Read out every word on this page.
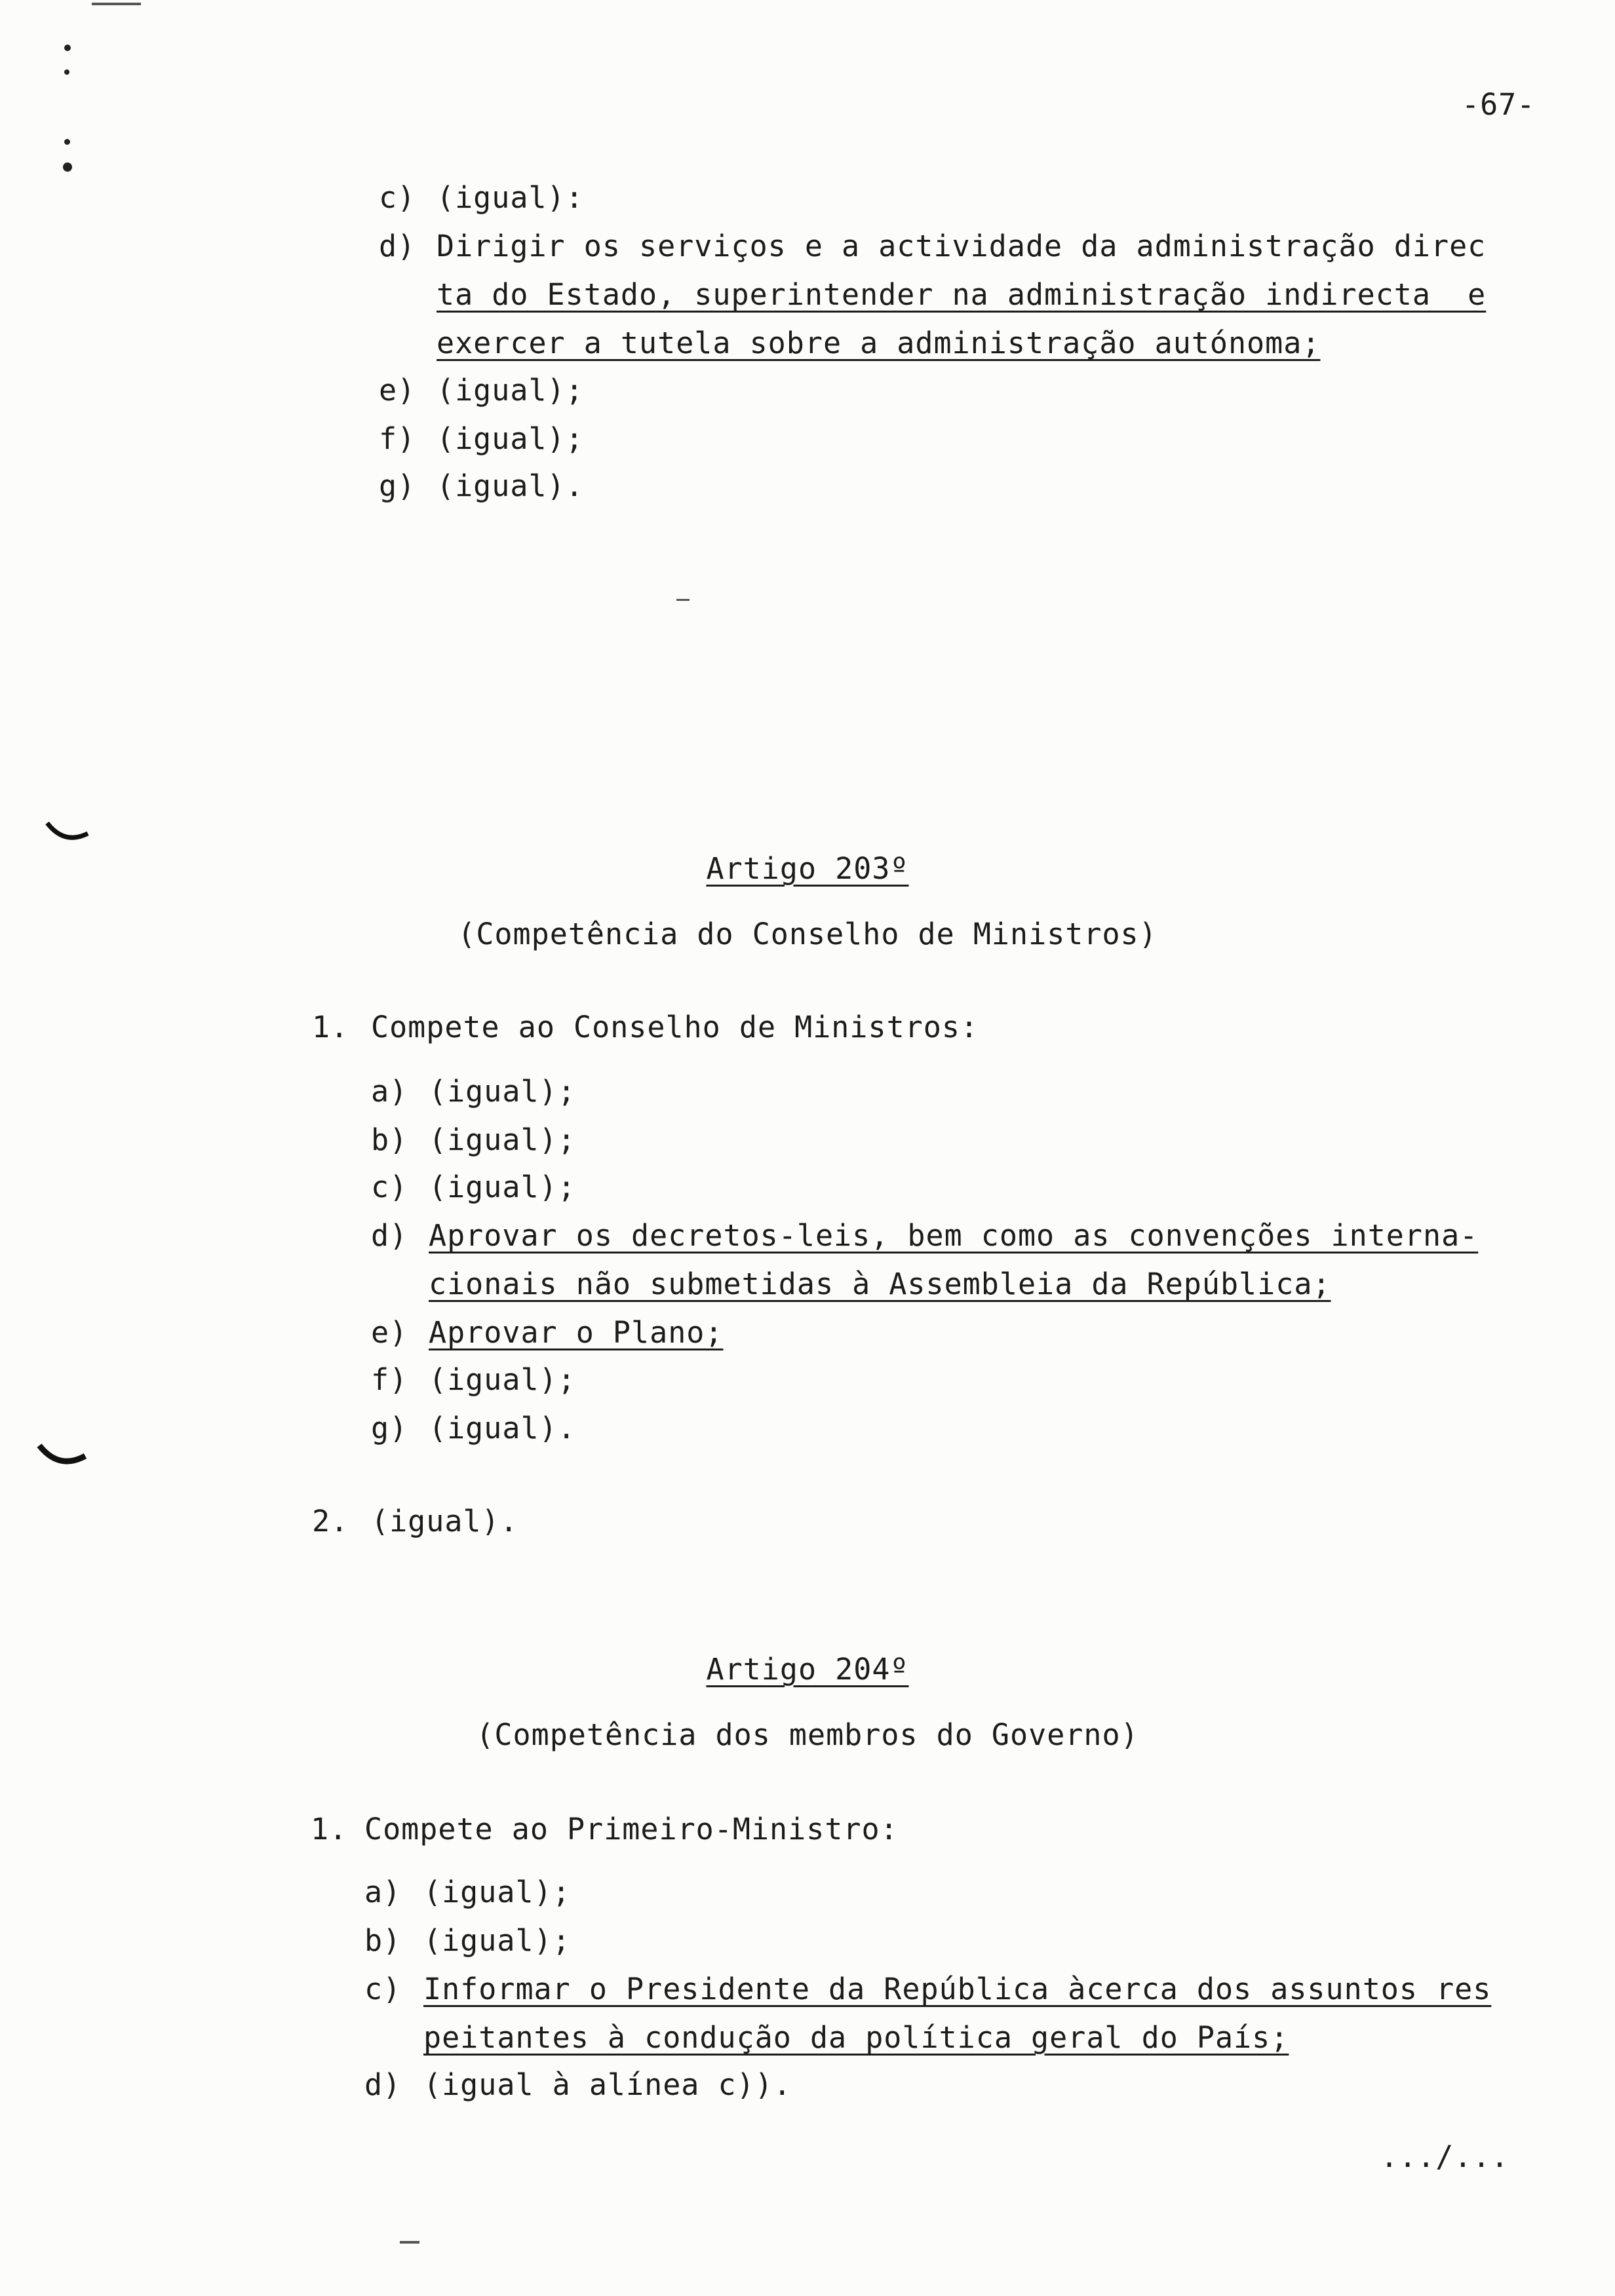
-67-
c) (igual):
d) Dirigir os serviços e a actividade da administração direc
ta do Estado, superintender na administração indirecta  e
exercer a tutela sobre a administração autónoma;
e) (igual);
f) (igual);
g) (igual).
Artigo 203º
(Competência do Conselho de Ministros)
1. Compete ao Conselho de Ministros:
a) (igual);
b) (igual);
c) (igual);
d) Aprovar os decretos-leis, bem como as convenções interna-
cionais não submetidas à Assembleia da República;
e) Aprovar o Plano;
f) (igual);
g) (igual).
2. (igual).
Artigo 204º
(Competência dos membros do Governo)
1. Compete ao Primeiro-Ministro:
a) (igual);
b) (igual);
c) Informar o Presidente da República àcerca dos assuntos res
peitantes à condução da política geral do País;
d) (igual à alínea c)).
.../...
